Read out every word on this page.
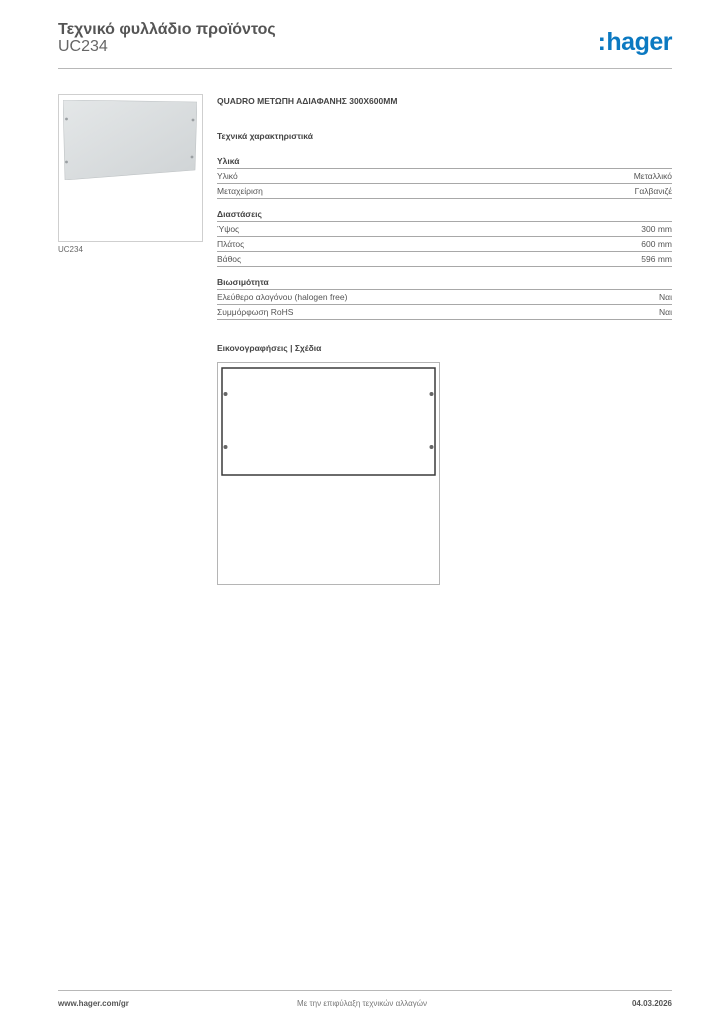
Τεχνικό φυλλάδιο προϊόντος
UC234	:hager
UC234
QUADRO ΜΕΤΩΠΗ ΑΔΙΑΦΑΝΗΣ 300X600MM
Τεχνικά χαρακτηριστικά
Υλικά
Υλικό	Μεταλλικό
Μεταχείριση	Γαλβανιζέ
Διαστάσεις
Ύψος	300 mm
Πλάτος	600 mm
Βάθος	596 mm
Βιωσιμότητα
Ελεύθερο αλογόνου (halogen free)	Ναι
Συμμόρφωση RoHS	Ναι
Εικονογραφήσεις | Σχέδια
www.hager.com/gr	Με την επιφύλαξη τεχνικών αλλαγών	04.03.2026
